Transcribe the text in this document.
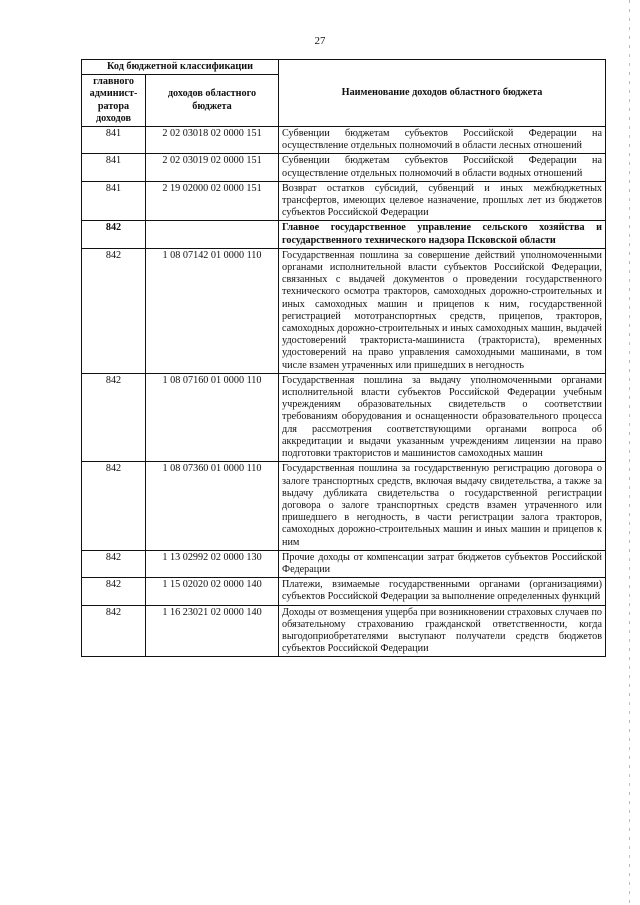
27
Код бюджетной классификации		Наименование доходов областного бюджета
главного админист-ратора доходов	доходов областного бюджета	
841	2 02 03018 02 0000 151	Субвенции бюджетам субъектов Российской Федерации на осуществление отдельных полномочий в области лесных отношений
841	2 02 03019 02 0000 151	Субвенции бюджетам субъектов Российской Федерации на осуществление отдельных полномочий в области водных отношений
841	2 19 02000 02 0000 151	Возврат остатков субсидий, субвенций и иных межбюджетных трансфертов, имеющих целевое назначение, прошлых лет из бюджетов субъектов Российской Федерации
842		Главное государственное управление сельского хозяйства и государственного технического надзора Псковской области
842	1 08 07142 01 0000 110	Государственная пошлина за совершение действий уполномоченными органами исполнительной власти субъектов Российской Федерации, связанных с выдачей документов о проведении государственного технического осмотра тракторов, самоходных дорожно-строительных и иных самоходных машин и прицепов к ним, государственной регистрацией мототранспортных средств, прицепов, тракторов, самоходных дорожно-строительных и иных самоходных машин, выдачей удостоверений тракториста-машиниста (тракториста), временных удостоверений на право управления самоходными машинами, в том числе взамен утраченных или пришедших в негодность
842	1 08 07160 01 0000 110	Государственная пошлина за выдачу уполномоченными органами исполнительной власти субъектов Российской Федерации учебным учреждениям образовательных свидетельств о соответствии требованиям оборудования и оснащенности образовательного процесса для рассмотрения соответствующими органами вопроса об аккредитации и выдачи указанным учреждениям лицензии на право подготовки трактористов и машинистов самоходных машин
842	1 08 07360 01 0000 110	Государственная пошлина за государственную регистрацию договора о залоге транспортных средств, включая выдачу свидетельства, а также за выдачу дубликата свидетельства о государственной регистрации договора о залоге транспортных средств взамен утраченного или пришедшего в негодность, в части регистрации залога тракторов, самоходных дорожно-строительных машин и иных машин и прицепов к ним
842	1 13 02992 02 0000 130	Прочие доходы от компенсации затрат бюджетов субъектов Российской Федерации
842	1 15 02020 02 0000 140	Платежи, взимаемые государственными органами (организациями) субъектов Российской Федерации за выполнение определенных функций
842	1 16 23021 02 0000 140	Доходы от возмещения ущерба при возникновении страховых случаев по обязательному страхованию гражданской ответственности, когда выгодоприобретателями выступают получатели средств бюджетов субъектов Российской Федерации
